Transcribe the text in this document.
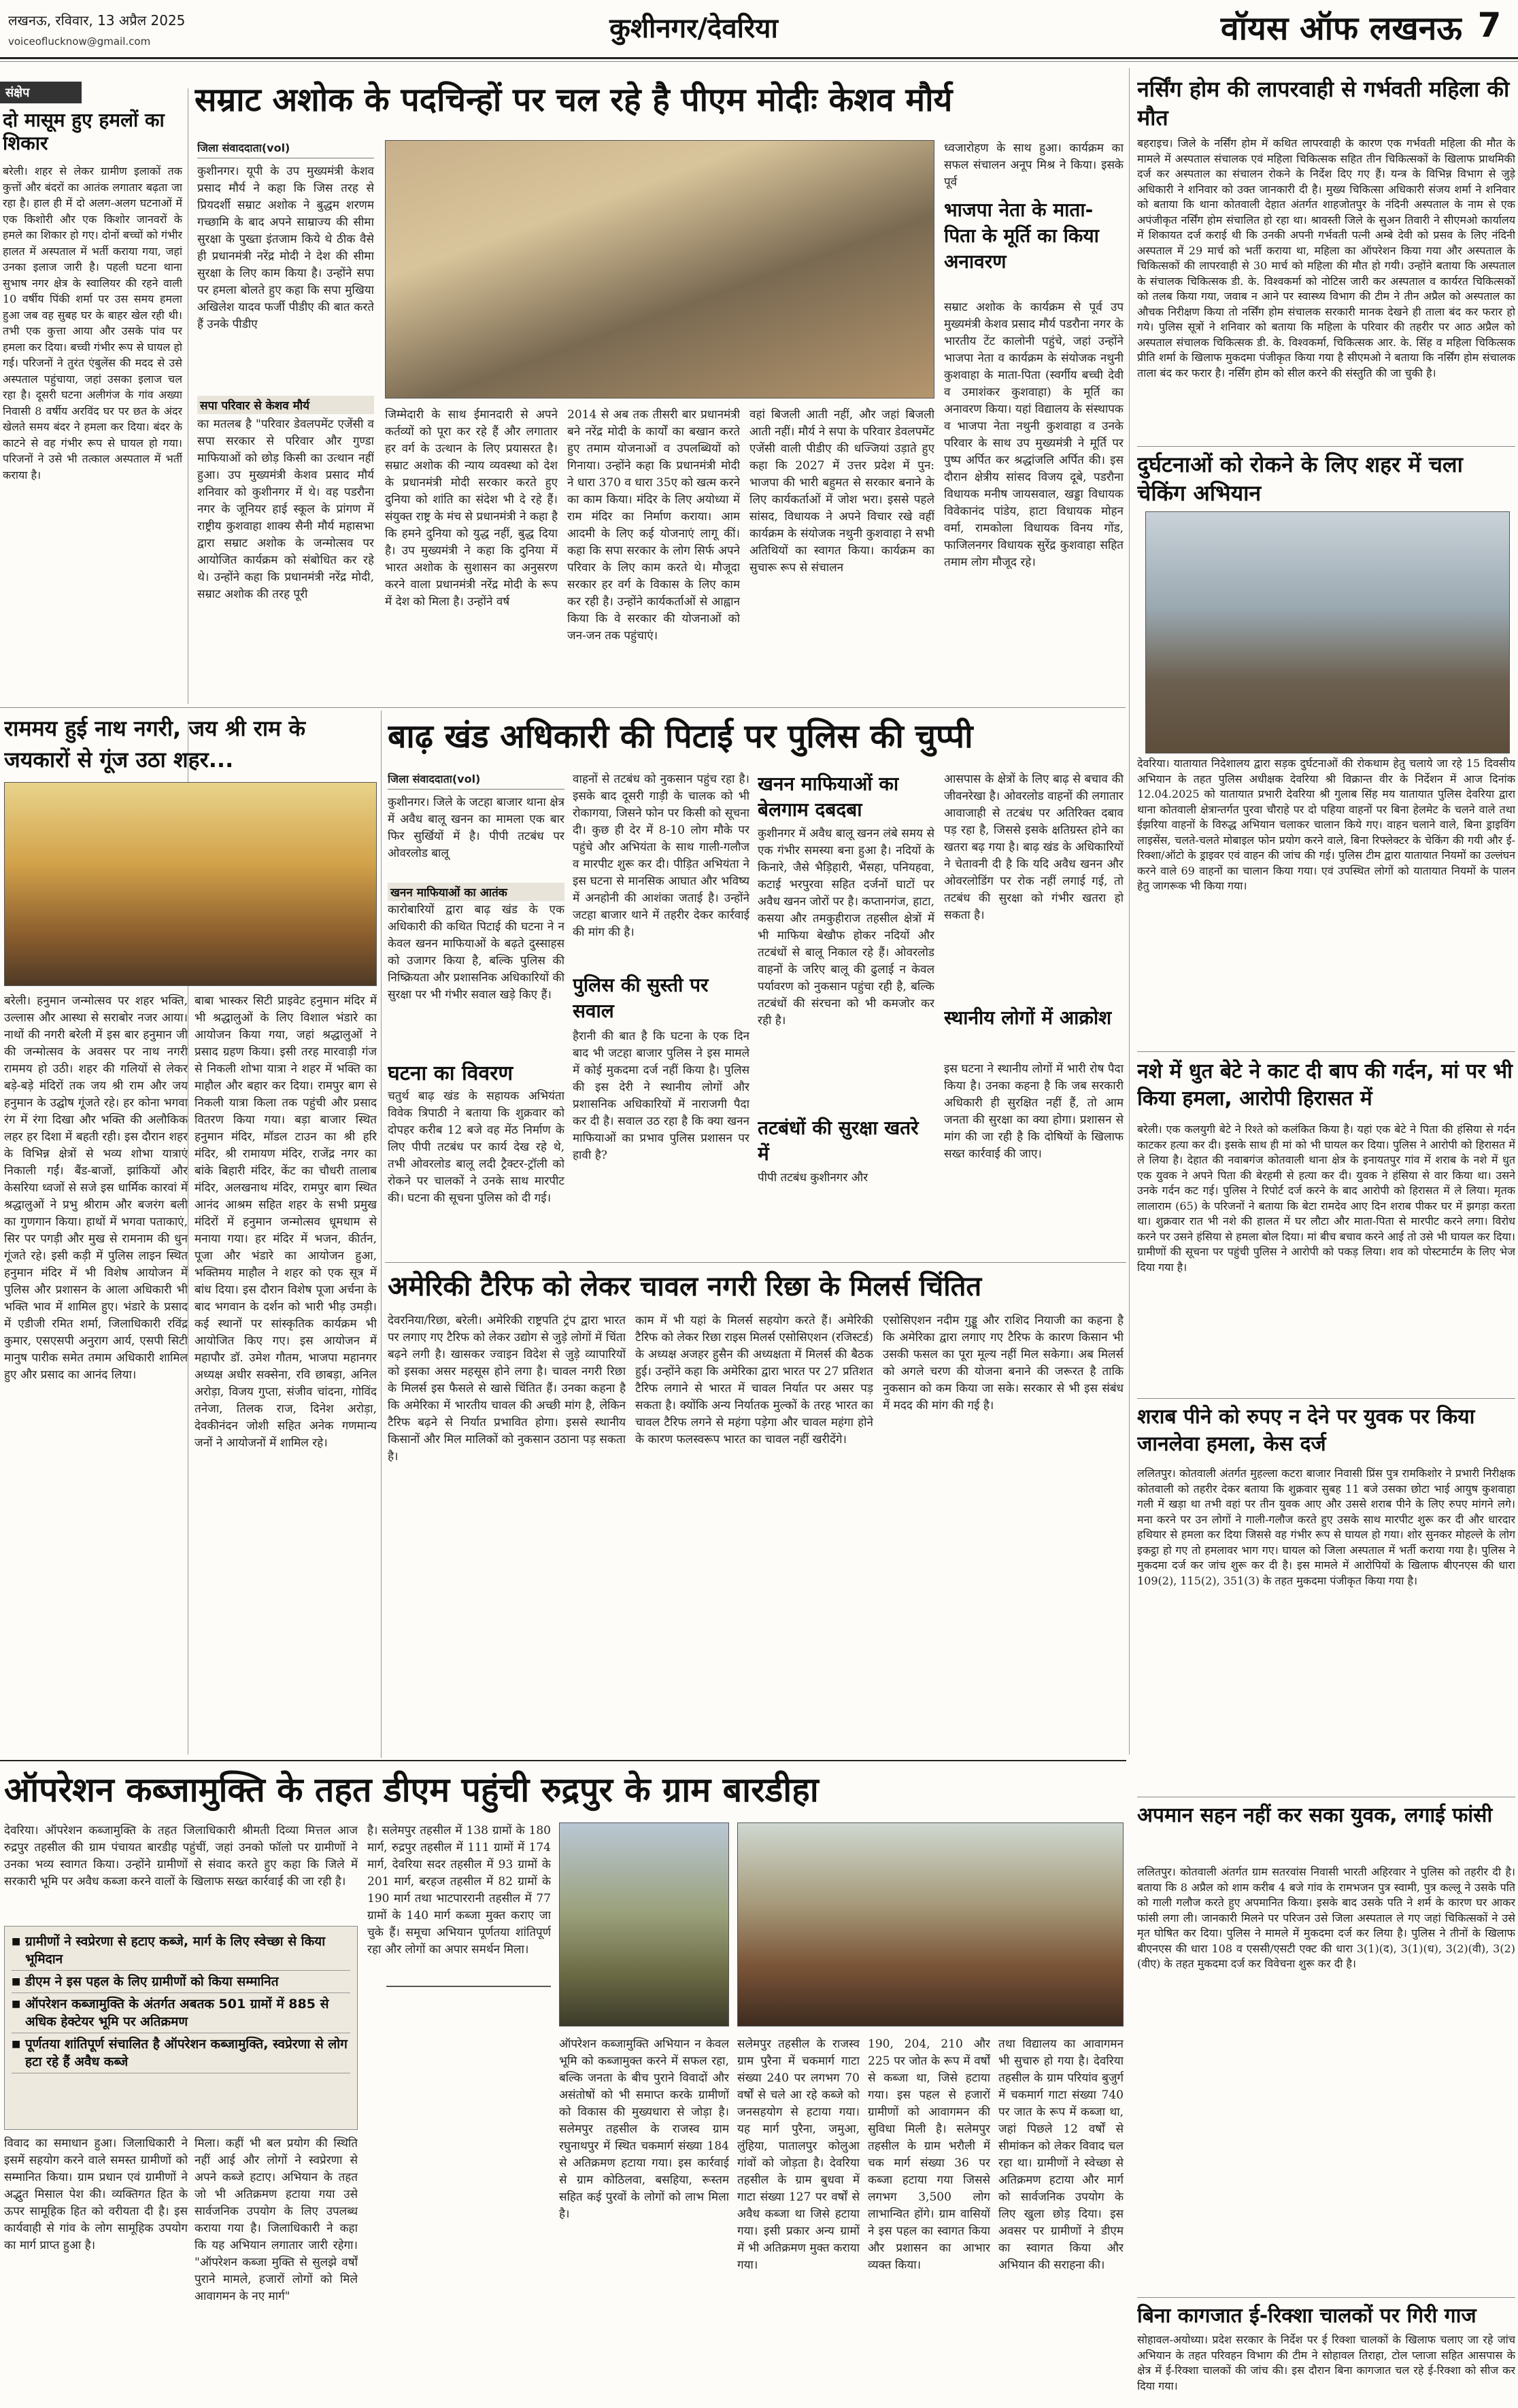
लखनऊ, रविवार, 13 अप्रैल 2025
voiceoflucknow@gmail.com	कुशीनगर/देवरिया	वॉयस ऑफ लखनऊ 7
संक्षेप
दो मासूम हुए हमलों का शिकार
बरेली। शहर से लेकर ग्रामीण इलाकों तक कुत्तों और बंदरों का आतंक लगातार बढ़ता जा रहा है। हाल ही में दो अलग-अलग घटनाओं में एक किशोरी और एक किशोर जानवरों के हमले का शिकार हो गए। दोनों बच्चों को गंभीर हालत में अस्पताल में भर्ती कराया गया, जहां उनका इलाज जारी है। पहली घटना थाना सुभाष नगर क्षेत्र के स्वालियर की रहने वाली 10 वर्षीय पिंकी शर्मा पर उस समय हमला हुआ जब वह सुबह घर के बाहर खेल रही थी। तभी एक कुत्ता आया और उसके पांव पर हमला कर दिया। बच्ची गंभीर रूप से घायल हो गई। परिजनों ने तुरंत एंबुलेंस की मदद से उसे अस्पताल पहुंचाया, जहां उसका इलाज चल रहा है। दूसरी घटना अलीगंज के गांव अख्या निवासी 8 वर्षीय अरविंद घर पर छत के अंदर खेलते समय बंदर ने हमला कर दिया। बंदर के काटने से वह गंभीर रूप से घायल हो गया। परिजनों ने उसे भी तत्काल अस्पताल में भर्ती कराया है।
सम्राट अशोक के पदचिन्हों पर चल रहे है पीएम मोदीः केशव मौर्य
जिला संवाददाता(vol)
कुशीनगर। यूपी के उप मुख्यमंत्री केशव प्रसाद मौर्य ने कहा कि जिस तरह से प्रियदर्शी सम्राट अशोक ने बुद्धम शरणम गच्छामि के बाद अपने साम्राज्य की सीमा सुरक्षा के पुख्ता इंतजाम किये थे ठीक वैसे ही प्रधानमंत्री नरेंद्र मोदी ने देश की सीमा सुरक्षा के लिए काम किया है। उन्होंने सपा पर हमला बोलते हुए कहा कि सपा मुखिया अखिलेश यादव फर्जी पीडीए की बात करते हैं उनके पीडीए
सपा परिवार से केशव मौर्य
का मतलब है "परिवार डेवलपमेंट एजेंसी व सपा सरकार से परिवार और गुण्डा माफियाओं को छोड़ किसी का उत्थान नहीं हुआ। उप मुख्यमंत्री केशव प्रसाद मौर्य शनिवार को कुशीनगर में थे। वह पडरौना नगर के जूनियर हाई स्कूल के प्रांगण में राष्ट्रीय कुशवाहा शाक्य सैनी मौर्य महासभा द्वारा सम्राट अशोक के जन्मोत्सव पर आयोजित कार्यक्रम को संबोधित कर रहे थे। उन्होंने कहा कि प्रधानमंत्री नरेंद्र मोदी, सम्राट अशोक की तरह पूरी
जिम्मेदारी के साथ ईमानदारी से अपने कर्तव्यों को पूरा कर रहे हैं और लगातार हर वर्ग के उत्थान के लिए प्रयासरत है। सम्राट अशोक की न्याय व्यवस्था को देश के प्रधानमंत्री मोदी सरकार करते हुए दुनिया को शांति का संदेश भी दे रहे हैं। संयुक्त राष्ट्र के मंच से प्रधानमंत्री ने कहा है कि हमने दुनिया को युद्ध नहीं, बुद्ध दिया है। उप मुख्यमंत्री ने कहा कि दुनिया में भारत अशोक के सुशासन का अनुसरण करने वाला प्रधानमंत्री नरेंद्र मोदी के रूप में देश को मिला है। उन्होंने वर्ष
2014 से अब तक तीसरी बार प्रधानमंत्री बने नरेंद्र मोदी के कार्यों का बखान करते हुए तमाम योजनाओं व उपलब्धियों को गिनाया। उन्होंने कहा कि प्रधानमंत्री मोदी ने धारा 370 व धारा 35ए को खत्म करने का काम किया। मंदिर के लिए अयोध्या में राम मंदिर का निर्माण कराया। आम आदमी के लिए कई योजनाएं लागू कीं। कहा कि सपा सरकार के लोग सिर्फ अपने परिवार के लिए काम करते थे। मौजूदा सरकार हर वर्ग के विकास के लिए काम कर रही है। उन्होंने कार्यकर्ताओं से आह्वान किया कि वे सरकार की योजनाओं को जन-जन तक पहुंचाएं।
वहां बिजली आती नहीं, और जहां बिजली आती नहीं। मौर्य ने सपा के परिवार डेवलपमेंट एजेंसी वाली पीडीए की धज्जियां उड़ाते हुए कहा कि 2027 में उत्तर प्रदेश में पुन: भाजपा की भारी बहुमत से सरकार बनाने के लिए कार्यकर्ताओं में जोश भरा। इससे पहले सांसद, विधायक ने अपने विचार रखे वहीं कार्यक्रम के संयोजक नथुनी कुशवाहा ने सभी अतिथियों का स्वागत किया। कार्यक्रम का सुचारू रूप से संचालन
ध्वजारोहण के साथ हुआ। कार्यक्रम का सफल संचालन अनूप मिश्र ने किया। इसके पूर्व
भाजपा नेता के माता-पिता के मूर्ति का किया अनावरण
सम्राट अशोक के कार्यक्रम से पूर्व उप मुख्यमंत्री केशव प्रसाद मौर्य पडरौना नगर के भारतीय टेंट कालोनी पहुंचे, जहां उन्होंने भाजपा नेता व कार्यक्रम के संयोजक नथुनी कुशवाहा के माता-पिता (स्वर्गीय बच्ची देवी व उमाशंकर कुशवाहा) के मूर्ति का अनावरण किया। यहां विद्यालय के संस्थापक व भाजपा नेता नथुनी कुशवाहा व उनके परिवार के साथ उप मुख्यमंत्री ने मूर्ति पर पुष्प अर्पित कर श्रद्धांजलि अर्पित की। इस दौरान क्षेत्रीय सांसद विजय दूबे, पडरौना विधायक मनीष जायसवाल, खड्डा विधायक विवेकानंद पांडेय, हाटा विधायक मोहन वर्मा, रामकोला विधायक विनय गोंड, फाजिलनगर विधायक सुरेंद्र कुशवाहा सहित तमाम लोग मौजूद रहे।
नर्सिंग होम की लापरवाही से गर्भवती महिला की मौत
बहराइच। जिले के नर्सिंग होम में कथित लापरवाही के कारण एक गर्भवती महिला की मौत के मामले में अस्पताल संचालक एवं महिला चिकित्सक सहित तीन चिकित्सकों के खिलाफ प्राथमिकी दर्ज कर अस्पताल का संचालन रोकने के निर्देश दिए गए हैं। यन्त्र के विभिन्न विभाग से जुड़े अधिकारी ने शनिवार को उक्त जानकारी दी है। मुख्य चिकित्सा अधिकारी संजय शर्मा ने शनिवार को बताया कि थाना कोतवाली देहात अंतर्गत शाहजोतपुर के नंदिनी अस्पताल के नाम से एक अपंजीकृत नर्सिंग होम संचालित हो रहा था। श्रावस्ती जिले के सुअन तिवारी ने सीएमओ कार्यालय में शिकायत दर्ज कराई थी कि उनकी अपनी गर्भवती पत्नी अम्बे देवी को प्रसव के लिए नंदिनी अस्पताल में 29 मार्च को भर्ती कराया था, महिला का ऑपरेशन किया गया और अस्पताल के चिकित्सकों की लापरवाही से 30 मार्च को महिला की मौत हो गयी। उन्होंने बताया कि अस्पताल के संचालक चिकित्सक डी. के. विश्वकर्मा को नोटिस जारी कर अस्पताल व कार्यरत चिकित्सकों को तलब किया गया, जवाब न आने पर स्वास्थ्य विभाग की टीम ने तीन अप्रैल को अस्पताल का औचक निरीक्षण किया तो नर्सिंग होम संचालक सरकारी मानक देखने ही ताला बंद कर फरार हो गये। पुलिस सूत्रों ने शनिवार को बताया कि महिला के परिवार की तहरीर पर आठ अप्रैल को अस्पताल संचालक चिकित्सक डी. के. विश्वकर्मा, चिकित्सक आर. के. सिंह व महिला चिकित्सक प्रीति शर्मा के खिलाफ मुकदमा पंजीकृत किया गया है सीएमओ ने बताया कि नर्सिंग होम संचालक ताला बंद कर फरार है। नर्सिंग होम को सील करने की संस्तुति की जा चुकी है।
दुर्घटनाओं को रोकने के लिए शहर में चला चेकिंग अभियान
देवरिया। यातायात निदेशालय द्वारा सड़क दुर्घटनाओं की रोकथाम हेतु चलाये जा रहे 15 दिवसीय अभियान के तहत पुलिस अधीक्षक देवरिया श्री विक्रान्त वीर के निर्देशन में आज दिनांक 12.04.2025 को यातायात प्रभारी देवरिया श्री गुलाब सिंह मय यातायात पुलिस देवरिया द्वारा थाना कोतवाली क्षेत्रान्तर्गत पुरवा चौराहे पर दो पहिया वाहनों पर बिना हेलमेट के चलने वाले तथा ईझरिया वाहनों के विरुद्ध अभियान चलाकर चालान किये गए। वाहन चलाने वाले, बिना ड्राइविंग लाइसेंस, चलते-चलते मोबाइल फोन प्रयोग करने वाले, बिना रिफ्लेक्टर के चेकिंग की गयी और ई-रिक्शा/ऑटो के ड्राइवर एवं वाहन की जांच की गई। पुलिस टीम द्वारा यातायात नियमों का उल्लंघन करने वाले 69 वाहनों का चालान किया गया। एवं उपस्थित लोगों को यातायात नियमों के पालन हेतु जागरूक भी किया गया।
नशे में धुत बेटे ने काट दी बाप की गर्दन, मां पर भी किया हमला, आरोपी हिरासत में
बरेली। एक कलयुगी बेटे ने रिश्ते को कलंकित किया है। यहां एक बेटे ने पिता की हंसिया से गर्दन काटकर हत्या कर दी। इसके साथ ही मां को भी घायल कर दिया। पुलिस ने आरोपी को हिरासत में ले लिया है। देहात की नवाबगंज कोतवाली थाना क्षेत्र के इनायतपुर गांव में शराब के नशे में धुत एक युवक ने अपने पिता की बेरहमी से हत्या कर दी। युवक ने हंसिया से वार किया था। उसने उनके गर्दन कट गई। पुलिस ने रिपोर्ट दर्ज करने के बाद आरोपी को हिरासत में ले लिया। मृतक लालाराम (65) के परिजनों ने बताया कि बेटा रामदेव आए दिन शराब पीकर घर में झगड़ा करता था। शुक्रवार रात भी नशे की हालत में घर लौटा और माता-पिता से मारपीट करने लगा। विरोध करने पर उसने हंसिया से हमला बोल दिया। मां बीच बचाव करने आई तो उसे भी घायल कर दिया। ग्रामीणों की सूचना पर पहुंची पुलिस ने आरोपी को पकड़ लिया। शव को पोस्टमार्टम के लिए भेज दिया गया है।
शराब पीने को रुपए न देने पर युवक पर किया जानलेवा हमला, केस दर्ज
ललितपुर। कोतवाली अंतर्गत मुहल्ला कटरा बाजार निवासी प्रिंस पुत्र रामकिशोर ने प्रभारी निरीक्षक कोतवाली को तहरीर देकर बताया कि शुक्रवार सुबह 11 बजे उसका छोटा भाई आयुष कुशवाहा गली में खड़ा था तभी वहां पर तीन युवक आए और उससे शराब पीने के लिए रुपए मांगने लगे। मना करने पर उन लोगों ने गाली-गलौज करते हुए उसके साथ मारपीट शुरू कर दी और धारदार हथियार से हमला कर दिया जिससे वह गंभीर रूप से घायल हो गया। शोर सुनकर मोहल्ले के लोग इकट्ठा हो गए तो हमलावर भाग गए। घायल को जिला अस्पताल में भर्ती कराया गया है। पुलिस ने मुकदमा दर्ज कर जांच शुरू कर दी है। इस मामले में आरोपियों के खिलाफ बीएनएस की धारा 109(2), 115(2), 351(3) के तहत मुकदमा पंजीकृत किया गया है।
अपमान सहन नहीं कर सका युवक, लगाई फांसी
ललितपुर। कोतवाली अंतर्गत ग्राम सतरवांस निवासी भारती अहिरवार ने पुलिस को तहरीर दी है। बताया कि 8 अप्रैल को शाम करीब 4 बजे गांव के रामभजन पुत्र स्वामी, पुत्र कल्लू ने उसके पति को गाली गलौज करते हुए अपमानित किया। इसके बाद उसके पति ने शर्म के कारण घर आकर फांसी लगा ली। जानकारी मिलने पर परिजन उसे जिला अस्पताल ले गए जहां चिकित्सकों ने उसे मृत घोषित कर दिया। पुलिस ने मामले में मुकदमा दर्ज कर लिया है। पुलिस ने तीनों के खिलाफ बीएनएस की धारा 108 व एससी/एसटी एक्ट की धारा 3(1)(द), 3(1)(ध), 3(2)(वी), 3(2)(वीए) के तहत मुकदमा दर्ज कर विवेचना शुरू कर दी है।
बिना कागजात ई-रिक्शा चालकों पर गिरी गाज
सोहावल-अयोध्या। प्रदेश सरकार के निर्देश पर ई रिक्शा चालकों के खिलाफ चलाए जा रहे जांच अभियान के तहत परिवहन विभाग की टीम ने सोहावल तिराहा, टोल प्लाजा सहित आसपास के क्षेत्र में ई-रिक्शा चालकों की जांच की। इस दौरान बिना कागजात चल रहे ई-रिक्शा को सीज कर दिया गया।
राममय हुई नाथ नगरी, जय श्री राम के जयकारों से गूंज उठा शहर...
बरेली। हनुमान जन्मोत्सव पर शहर भक्ति, उल्लास और आस्था से सराबोर नजर आया। नाथों की नगरी बरेली में इस बार हनुमान जी की जन्मोत्सव के अवसर पर नाथ नगरी राममय हो उठी। शहर की गलियों से लेकर बड़े-बड़े मंदिरों तक जय श्री राम और जय हनुमान के उद्घोष गूंजते रहे। हर कोना भगवा रंग में रंगा दिखा और भक्ति की अलौकिक लहर हर दिशा में बहती रही। इस दौरान शहर के विभिन्न क्षेत्रों से भव्य शोभा यात्राएं निकाली गईं। बैंड-बाजों, झांकियों और केसरिया ध्वजों से सजे इस धार्मिक कारवां में श्रद्धालुओं ने प्रभु श्रीराम और बजरंग बली का गुणगान किया। हाथों में भगवा पताकाएं, सिर पर पगड़ी और मुख से रामनाम की धुन गूंजते रहे। इसी कड़ी में पुलिस लाइन स्थित हनुमान मंदिर में भी विशेष आयोजन में पुलिस और प्रशासन के आला अधिकारी भी भक्ति भाव में शामिल हुए। भंडारे के प्रसाद में एडीजी रमित शर्मा, जिलाधिकारी रविंद्र कुमार, एसएसपी अनुराग आर्य, एसपी सिटी मानुष पारीक समेत तमाम अधिकारी शामिल हुए और प्रसाद का आनंद लिया।
बाबा भास्कर सिटी प्राइवेट हनुमान मंदिर में भी श्रद्धालुओं के लिए विशाल भंडारे का आयोजन किया गया, जहां श्रद्धालुओं ने प्रसाद ग्रहण किया। इसी तरह मारवाड़ी गंज से निकली शोभा यात्रा ने शहर में भक्ति का माहौल और बहार कर दिया। रामपुर बाग से निकली यात्रा किला तक पहुंची और प्रसाद वितरण किया गया। बड़ा बाजार स्थित हनुमान मंदिर, मॉडल टाउन का श्री हरि मंदिर, श्री रामायण मंदिर, राजेंद्र नगर का बांके बिहारी मंदिर, केंट का चौधरी तालाब मंदिर, अलखनाथ मंदिर, रामपुर बाग स्थित आनंद आश्रम सहित शहर के सभी प्रमुख मंदिरों में हनुमान जन्मोत्सव धूमधाम से मनाया गया। हर मंदिर में भजन, कीर्तन, पूजा और भंडारे का आयोजन हुआ, भक्तिमय माहौल ने शहर को एक सूत्र में बांध दिया। इस दौरान विशेष पूजा अर्चना के बाद भगवान के दर्शन को भारी भीड़ उमड़ी। कई स्थानों पर सांस्कृतिक कार्यक्रम भी आयोजित किए गए। इस आयोजन में महापौर डॉ. उमेश गौतम, भाजपा महानगर अध्यक्ष अधीर सक्सेना, रवि छाबड़ा, अनिल अरोड़ा, विजय गुप्ता, संजीव चांदना, गोविंद तनेजा, तिलक राज, दिनेश अरोड़ा, देवकीनंदन जोशी सहित अनेक गणमान्य जनों ने आयोजनों में शामिल रहे।
बाढ़ खंड अधिकारी की पिटाई पर पुलिस की चुप्पी
जिला संवाददाता(vol)
कुशीनगर। जिले के जटहा बाजार थाना क्षेत्र में अवैध बालू खनन का मामला एक बार फिर सुर्खियों में है। पीपी तटबंध पर ओवरलोड बालू
खनन माफियाओं का आतंक
कारोबारियों द्वारा बाढ़ खंड के एक अधिकारी की कथित पिटाई की घटना ने न केवल खनन माफियाओं के बढ़ते दुस्साहस को उजागर किया है, बल्कि पुलिस की निष्क्रियता और प्रशासनिक अधिकारियों की सुरक्षा पर भी गंभीर सवाल खड़े किए हैं।
घटना का विवरण
चतुर्थ बाढ़ खंड के सहायक अभियंता विवेक त्रिपाठी ने बताया कि शुक्रवार को दोपहर करीब 12 बजे वह मेंठ निर्माण के लिए पीपी तटबंध पर कार्य देख रहे थे, तभी ओवरलोड बालू लदी ट्रैक्टर-ट्रॉली को रोकने पर चालकों ने उनके साथ मारपीट की। घटना की सूचना पुलिस को दी गई।
वाहनों से तटबंध को नुकसान पहुंच रहा है। इसके बाद दूसरी गाड़ी के चालक को भी रोकागया, जिसने फोन पर किसी को सूचना दी। कुछ ही देर में 8-10 लोग मौके पर पहुंचे और अभियंता के साथ गाली-गलौज व मारपीट शुरू कर दी। पीड़ित अभियंता ने इस घटना से मानसिक आघात और भविष्य में अनहोनी की आशंका जताई है। उन्होंने जटहा बाजार थाने में तहरीर देकर कार्रवाई की मांग की है।
पुलिस की सुस्ती पर सवाल
हैरानी की बात है कि घटना के एक दिन बाद भी जटहा बाजार पुलिस ने इस मामले में कोई मुकदमा दर्ज नहीं किया है। पुलिस की इस देरी ने स्थानीय लोगों और प्रशासनिक अधिकारियों में नाराजगी पैदा कर दी है। सवाल उठ रहा है कि क्या खनन माफियाओं का प्रभाव पुलिस प्रशासन पर हावी है?
खनन माफियाओं का बेलगाम दबदबा
कुशीनगर में अवैध बालू खनन लंबे समय से एक गंभीर समस्या बना हुआ है। नदियों के किनारे, जैसे भैड़िहारी, भैंसहा, पनियहवा, कटाई भरपुरवा सहित दर्जनों घाटों पर अवैध खनन जोरों पर है। कप्तानगंज, हाटा, कसया और तमकुहीराज तहसील क्षेत्रों में भी माफिया बेखौफ होकर नदियों और तटबंधों से बालू निकाल रहे हैं। ओवरलोड वाहनों के जरिए बालू की ढुलाई न केवल पर्यावरण को नुकसान पहुंचा रही है, बल्कि तटबंधों की संरचना को भी कमजोर कर रही है।
तटबंधों की सुरक्षा खतरे में
पीपी तटबंध कुशीनगर और
आसपास के क्षेत्रों के लिए बाढ़ से बचाव की जीवनरेखा है। ओवरलोड वाहनों की लगातार आवाजाही से तटबंध पर अतिरिक्त दबाव पड़ रहा है, जिससे इसके क्षतिग्रस्त होने का खतरा बढ़ गया है। बाढ़ खंड के अधिकारियों ने चेतावनी दी है कि यदि अवैध खनन और ओवरलोडिंग पर रोक नहीं लगाई गई, तो तटबंध की सुरक्षा को गंभीर खतरा हो सकता है।
स्थानीय लोगों में आक्रोश
इस घटना ने स्थानीय लोगों में भारी रोष पैदा किया है। उनका कहना है कि जब सरकारी अधिकारी ही सुरक्षित नहीं हैं, तो आम जनता की सुरक्षा का क्या होगा। प्रशासन से मांग की जा रही है कि दोषियों के खिलाफ सख्त कार्रवाई की जाए।
अमेरिकी टैरिफ को लेकर चावल नगरी रिछा के मिलर्स चिंतित
देवरनिया/रिछा, बरेली। अमेरिकी राष्ट्रपति ट्रंप द्वारा भारत पर लगाए गए टैरिफ को लेकर उद्योग से जुड़े लोगों में चिंता बढ़ने लगी है। खासकर ज्वाइन विदेश से जुड़े व्यापारियों को इसका असर महसूस होने लगा है। चावल नगरी रिछा के मिलर्स इस फैसले से खासे चिंतित हैं। उनका कहना है कि अमेरिका में भारतीय चावल की अच्छी मांग है, लेकिन टैरिफ बढ़ने से निर्यात प्रभावित होगा। इससे स्थानीय किसानों और मिल मालिकों को नुकसान उठाना पड़ सकता है।
काम में भी यहां के मिलर्स सहयोग करते हैं। अमेरिकी टैरिफ को लेकर रिछा राइस मिलर्स एसोसिएशन (रजिस्टर्ड) के अध्यक्ष अजहर हुसैन की अध्यक्षता में मिलर्स की बैठक हुई। उन्होंने कहा कि अमेरिका द्वारा भारत पर 27 प्रतिशत टैरिफ लगाने से भारत में चावल निर्यात पर असर पड़ सकता है। क्योंकि अन्य निर्यातक मुल्कों के तरह भारत का चावल टैरिफ लगने से महंगा पड़ेगा और चावल महंगा होने के कारण फलस्वरूप भारत का चावल नहीं खरीदेंगे।
एसोसिएशन नदीम गुड्डू और राशिद नियाजी का कहना है कि अमेरिका द्वारा लगाए गए टैरिफ के कारण किसान भी उसकी फसल का पूरा मूल्य नहीं मिल सकेगा। अब मिलर्स को अगले चरण की योजना बनाने की जरूरत है ताकि नुकसान को कम किया जा सके। सरकार से भी इस संबंध में मदद की मांग की गई है।
ऑपरेशन कब्जामुक्ति के तहत डीएम पहुंची रुद्रपुर के ग्राम बारडीहा
देवरिया। ऑपरेशन कब्जामुक्ति के तहत जिलाधिकारी श्रीमती दिव्या मित्तल आज रुद्रपुर तहसील की ग्राम पंचायत बारडीह पहुंचीं, जहां उनको फॉलो पर ग्रामीणों ने उनका भव्य स्वागत किया। उन्होंने ग्रामीणों से संवाद करते हुए कहा कि जिले में सरकारी भूमि पर अवैध कब्जा करने वालों के खिलाफ सख्त कार्रवाई की जा रही है।
■ ग्रामीणों ने स्वप्रेरणा से हटाए कब्जे, मार्ग के लिए स्वेच्छा से किया भूमिदान
■ डीएम ने इस पहल के लिए ग्रामीणों को किया सम्मानित
■ ऑपरेशन कब्जामुक्ति के अंतर्गत अबतक 501 ग्रामों में 885 से अधिक हेक्टेयर भूमि पर अतिक्रमण
■ पूर्णतया शांतिपूर्ण संचालित है ऑपरेशन कब्जामुक्ति, स्वप्रेरणा से लोग हटा रहे हैं अवैध कब्जे
विवाद का समाधान हुआ। जिलाधिकारी ने इसमें सहयोग करने वाले समस्त ग्रामीणों को सम्मानित किया। ग्राम प्रधान एवं ग्रामीणों ने अद्भुत मिसाल पेश की। व्यक्तिगत हित के ऊपर सामूहिक हित को वरीयता दी है। इस कार्यवाही से गांव के लोग सामूहिक उपयोग का मार्ग प्राप्त हुआ है।
मिला। कहीं भी बल प्रयोग की स्थिति नहीं आई और लोगों ने स्वप्रेरणा से अपने कब्जे हटाए। अभियान के तहत जो भी अतिक्रमण हटाया गया उसे सार्वजनिक उपयोग के लिए उपलब्ध कराया गया है। जिलाधिकारी ने कहा कि यह अभियान लगातार जारी रहेगा। "ऑपरेशन कब्जा मुक्ति से सुलझे वर्षों पुराने मामले, हजारों लोगों को मिले आवागमन के नए मार्ग"
है। सलेमपुर तहसील में 138 ग्रामों के 180 मार्ग, रुद्रपुर तहसील में 111 ग्रामों में 174 मार्ग, देवरिया सदर तहसील में 93 ग्रामों के 201 मार्ग, बरहज तहसील में 82 ग्रामों के 190 मार्ग तथा भाटपाररानी तहसील में 77 ग्रामों के 140 मार्ग कब्जा मुक्त कराए जा चुके हैं। समूचा अभियान पूर्णतया शांतिपूर्ण रहा और लोगों का अपार समर्थन मिला।
ऑपरेशन कब्जामुक्ति अभियान न केवल भूमि को कब्जामुक्त करने में सफल रहा, बल्कि जनता के बीच पुराने विवादों और असंतोषों को भी समाप्त करके ग्रामीणों को विकास की मुख्यधारा से जोड़ा है। सलेमपुर तहसील के राजस्व ग्राम रघुनाथपुर में स्थित चकमार्ग संख्या 184 से अतिक्रमण हटाया गया। इस कार्रवाई से ग्राम कोठिलवा, बसहिया, रूस्तम सहित कई पुरवों के लोगों को लाभ मिला है।
सलेमपुर तहसील के राजस्व ग्राम पुरैना में चकमार्ग गाटा संख्या 240 पर लगभग 70 वर्षों से चले आ रहे कब्जे को जनसहयोग से हटाया गया। यह मार्ग पुरैना, जमुआ, लुंहिया, पातालपुर कोलुआ गांवों को जोड़ता है। देवरिया तहसील के ग्राम बुधवा में गाटा संख्या 127 पर वर्षों से अवैध कब्जा था जिसे हटाया गया। इसी प्रकार अन्य ग्रामों में भी अतिक्रमण मुक्त कराया गया।
190, 204, 210 और 225 पर जोत के रूप में वर्षों से कब्जा था, जिसे हटाया गया। इस पहल से हजारों ग्रामीणों को आवागमन की सुविधा मिली है। सलेमपुर तहसील के ग्राम भरौली में चक मार्ग संख्या 36 पर कब्जा हटाया गया जिससे लगभग 3,500 लोग लाभान्वित होंगे। ग्राम वासियों ने इस पहल का स्वागत किया और प्रशासन का आभार व्यक्त किया।
तथा विद्यालय का आवागमन भी सुचारु हो गया है। देवरिया तहसील के ग्राम परियांव बुजुर्ग में चकमार्ग गाटा संख्या 740 पर जात के रूप में कब्जा था, जहां पिछले 12 वर्षों से सीमांकन को लेकर विवाद चल रहा था। ग्रामीणों ने स्वेच्छा से अतिक्रमण हटाया और मार्ग को सार्वजनिक उपयोग के लिए खुला छोड़ दिया। इस अवसर पर ग्रामीणों ने डीएम का स्वागत किया और अभियान की सराहना की।
